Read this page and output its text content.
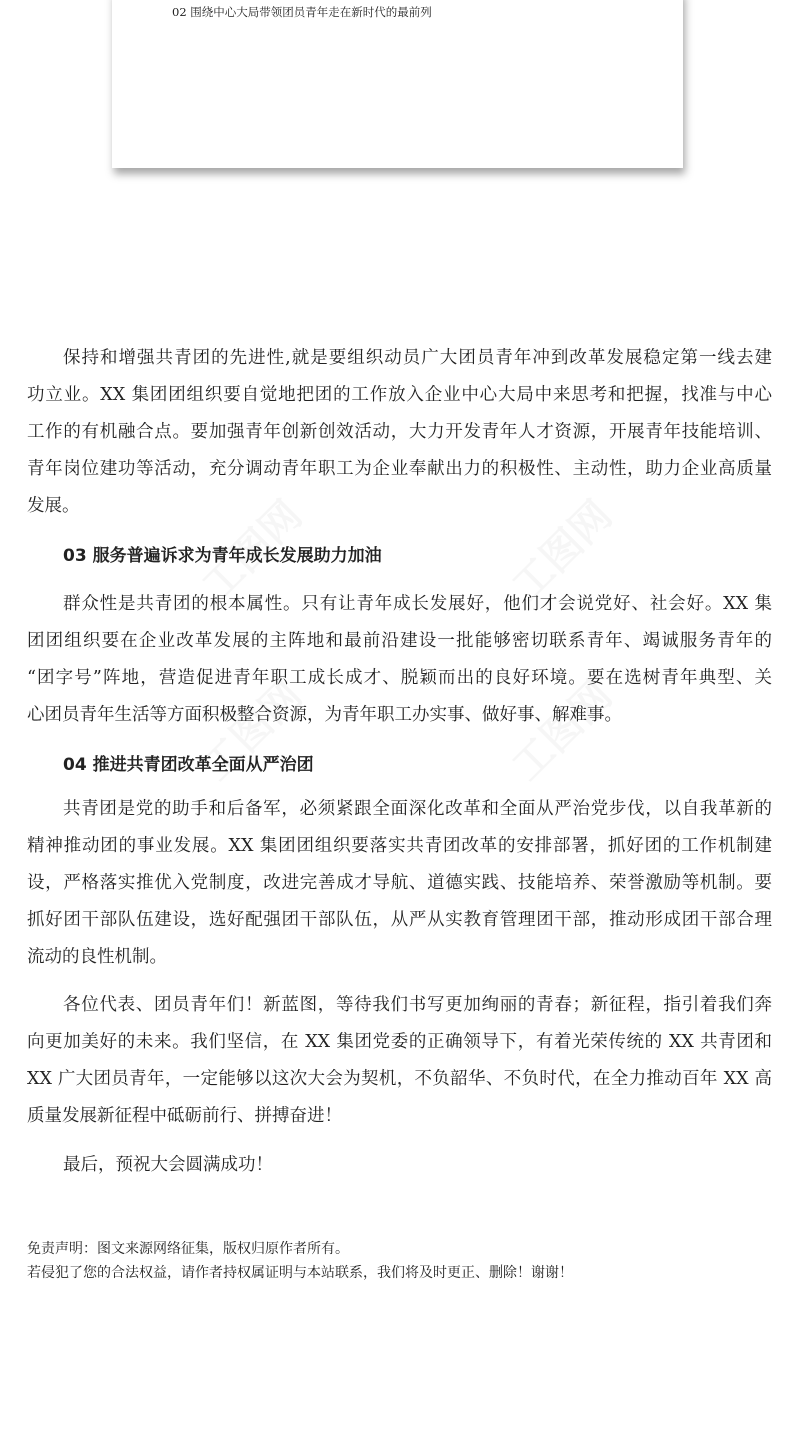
02 围绕中心大局带领团员青年走在新时代的最前列
保持和增强共青团的先进性,就是要组织动员广大团员青年冲到改革发展稳定第一线去建
功立业。XX 集团团组织要自觉地把团的工作放入企业中心大局中来思考和把握，找准与中心
工作的有机融合点。要加强青年创新创效活动，大力开发青年人才资源，开展青年技能培训、
青年岗位建功等活动，充分调动青年职工为企业奉献出力的积极性、主动性，助力企业高质量
发展。
03 服务普遍诉求为青年成长发展助力加油
群众性是共青团的根本属性。只有让青年成长发展好，他们才会说党好、社会好。XX 集
团团组织要在企业改革发展的主阵地和最前沿建设一批能够密切联系青年、竭诚服务青年的
“团字号”阵地，营造促进青年职工成长成才、脱颖而出的良好环境。要在选树青年典型、关
心团员青年生活等方面积极整合资源，为青年职工办实事、做好事、解难事。
04 推进共青团改革全面从严治团
共青团是党的助手和后备军，必须紧跟全面深化改革和全面从严治党步伐，以自我革新的
精神推动团的事业发展。XX 集团团组织要落实共青团改革的安排部署，抓好团的工作机制建
设，严格落实推优入党制度，改进完善成才导航、道德实践、技能培养、荣誉激励等机制。要
抓好团干部队伍建设，选好配强团干部队伍，从严从实教育管理团干部，推动形成团干部合理
流动的良性机制。
各位代表、团员青年们！新蓝图，等待我们书写更加绚丽的青春；新征程，指引着我们奔
向更加美好的未来。我们坚信，在 XX 集团党委的正确领导下，有着光荣传统的 XX 共青团和
XX 广大团员青年，一定能够以这次大会为契机，不负韶华、不负时代，在全力推动百年 XX 高
质量发展新征程中砥砺前行、拼搏奋进！
最后，预祝大会圆满成功！
免责声明：图文来源网络征集，版权归原作者所有。
若侵犯了您的合法权益，请作者持权属证明与本站联系，我们将及时更正、删除！谢谢！
